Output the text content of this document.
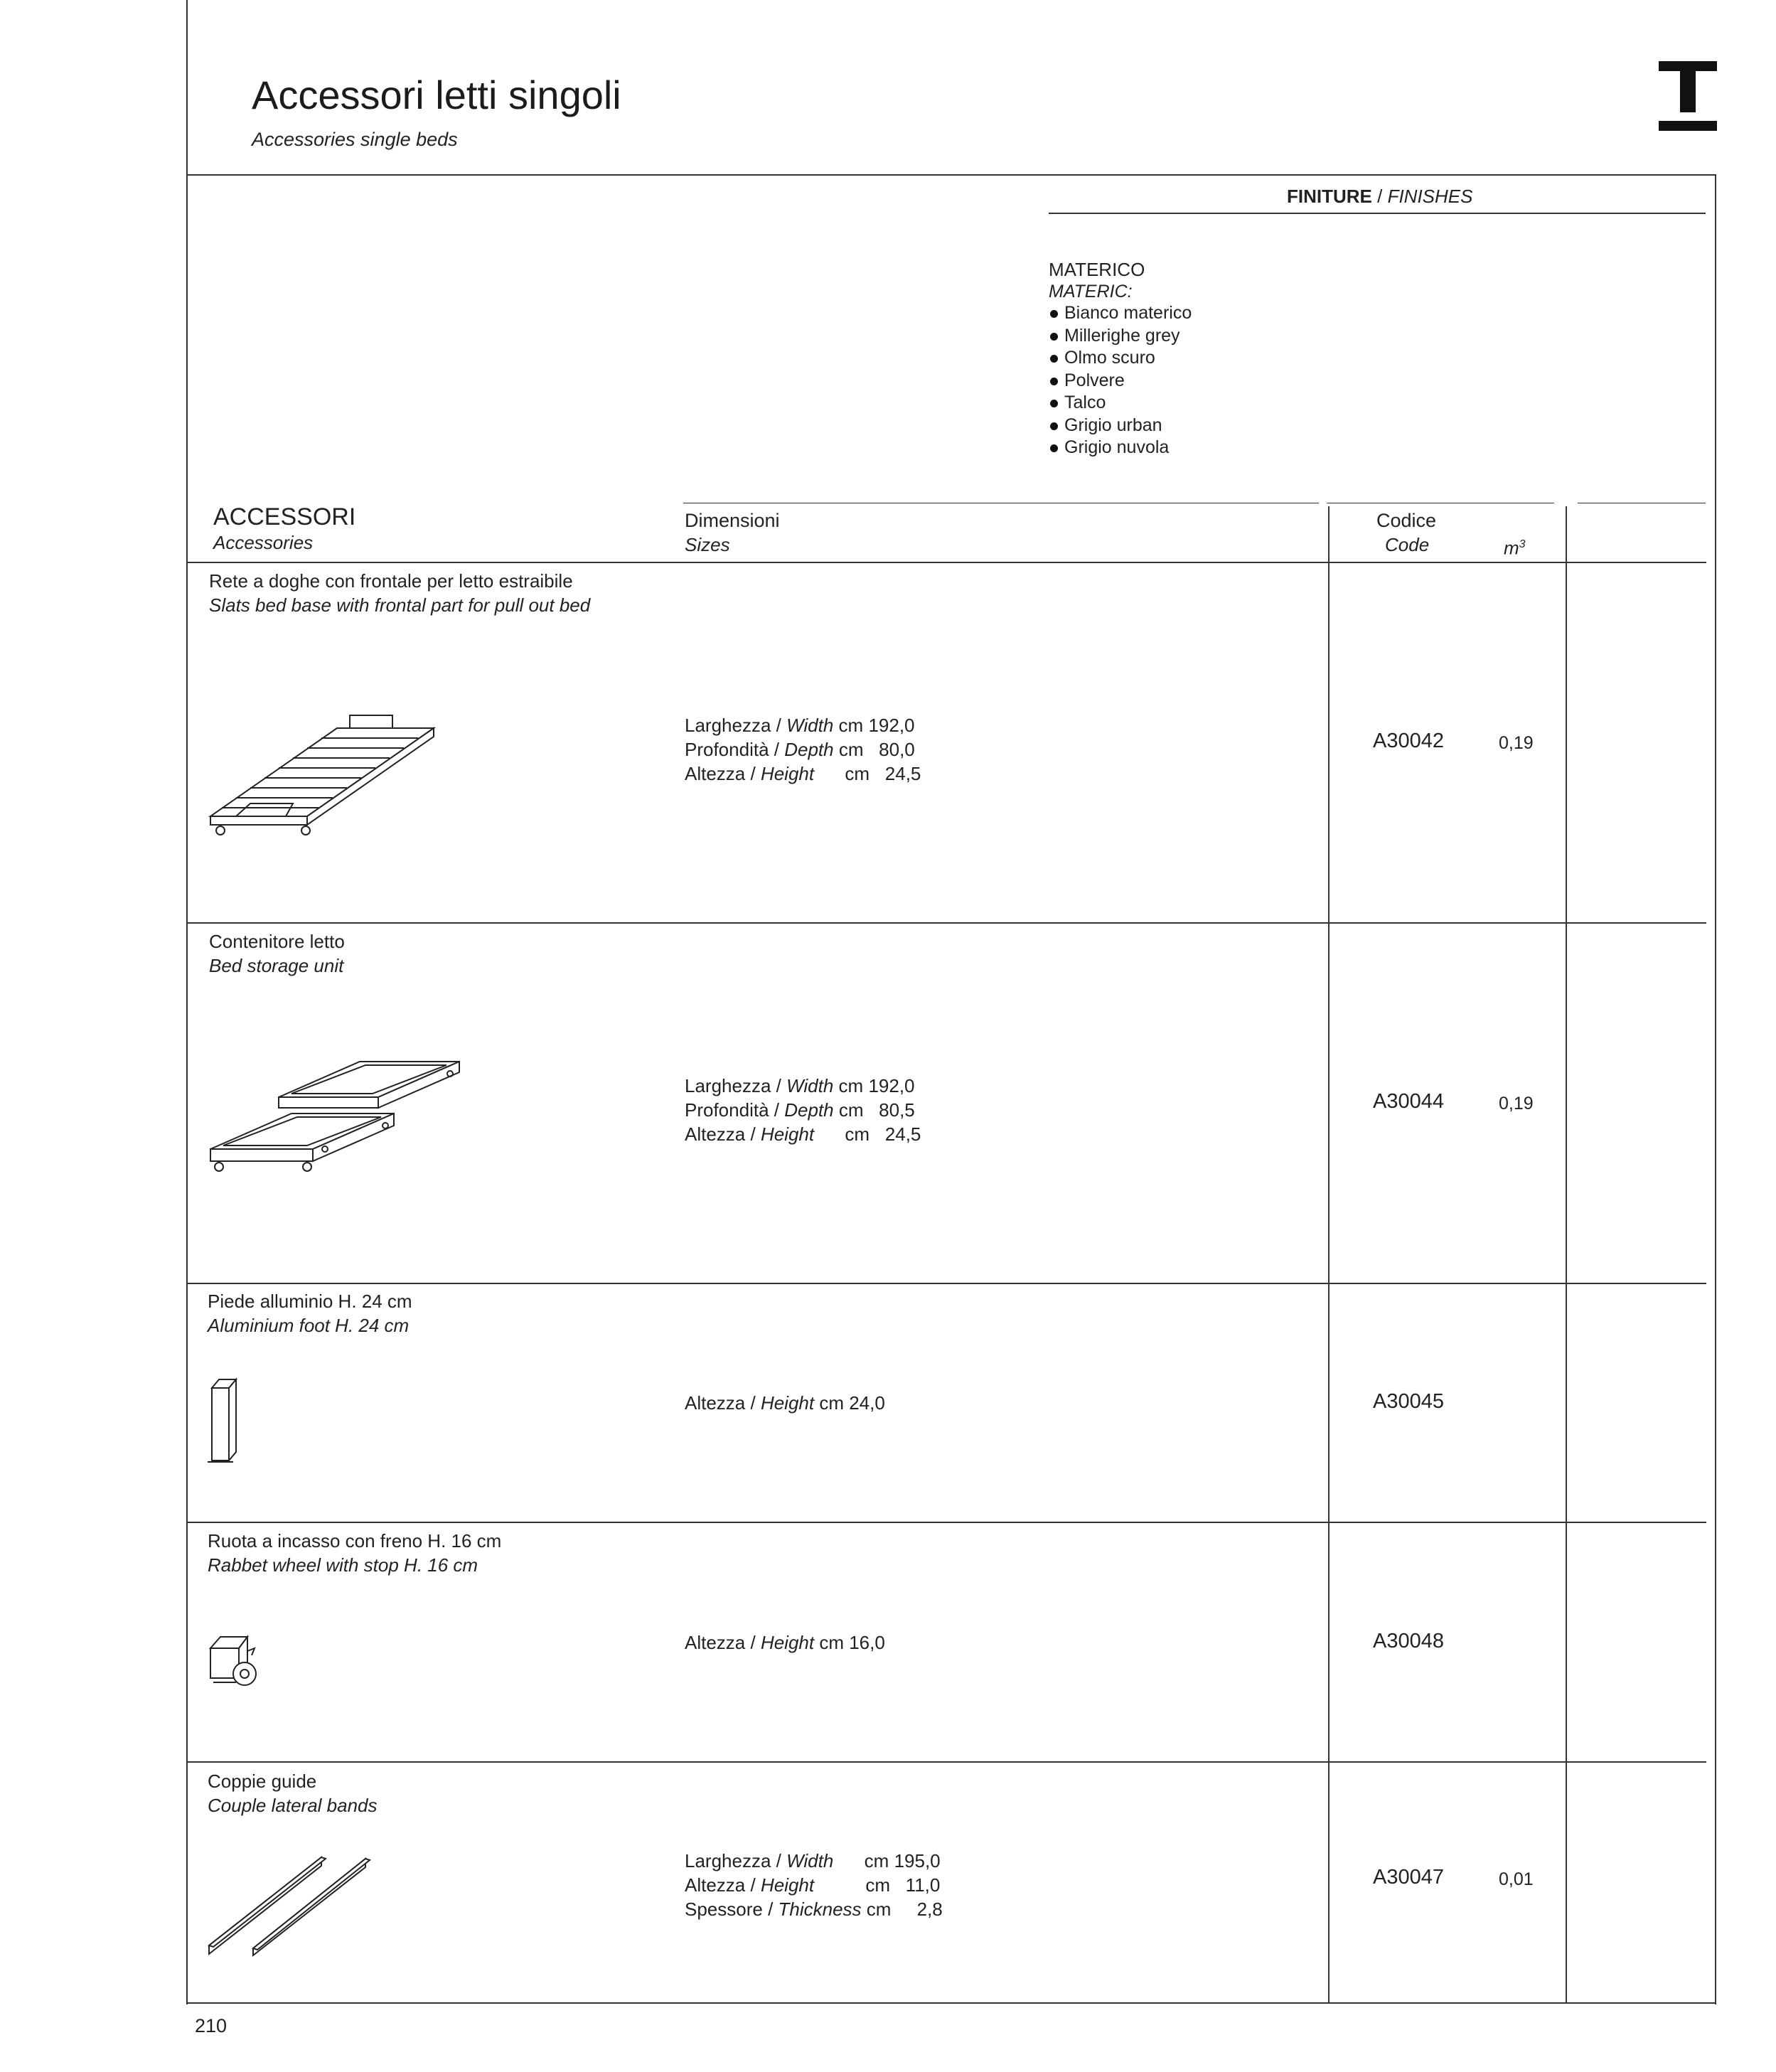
Accessori letti singoli
Accessories single beds
FINITURE / FINISHES
MATERICO
MATERIC:
Bianco materico
Millerighe grey
Olmo scuro
Polvere
Talco
Grigio urban
Grigio nuvola
ACCESSORI
Accessories
Dimensioni
Sizes
Codice
Code	$m^3$
Rete a doghe con frontale per letto estraibile
Slats bed base with frontal part for pull out bed
Larghezza / Width cm 192,0
Profondità / Depth cm 80,0
Altezza / Height cm 24,5
A30042	0,19
Contenitore letto
Bed storage unit
Larghezza / Width cm 192,0
Profondità / Depth cm 80,5
Altezza / Height cm 24,5
A30044	0,19
Piede alluminio H. 24 cm
Aluminium foot H. 24 cm
Altezza / Height cm 24,0	A30045
Ruota a incasso con freno H. 16 cm
Rabbet wheel with stop H. 16 cm
Altezza / Height cm 16,0	A30048
Coppie guide
Couple lateral bands
Larghezza / Width cm 195,0
Altezza / Height cm 11,0
Spessore / Thickness cm 2,8
A30047	0,01
210
